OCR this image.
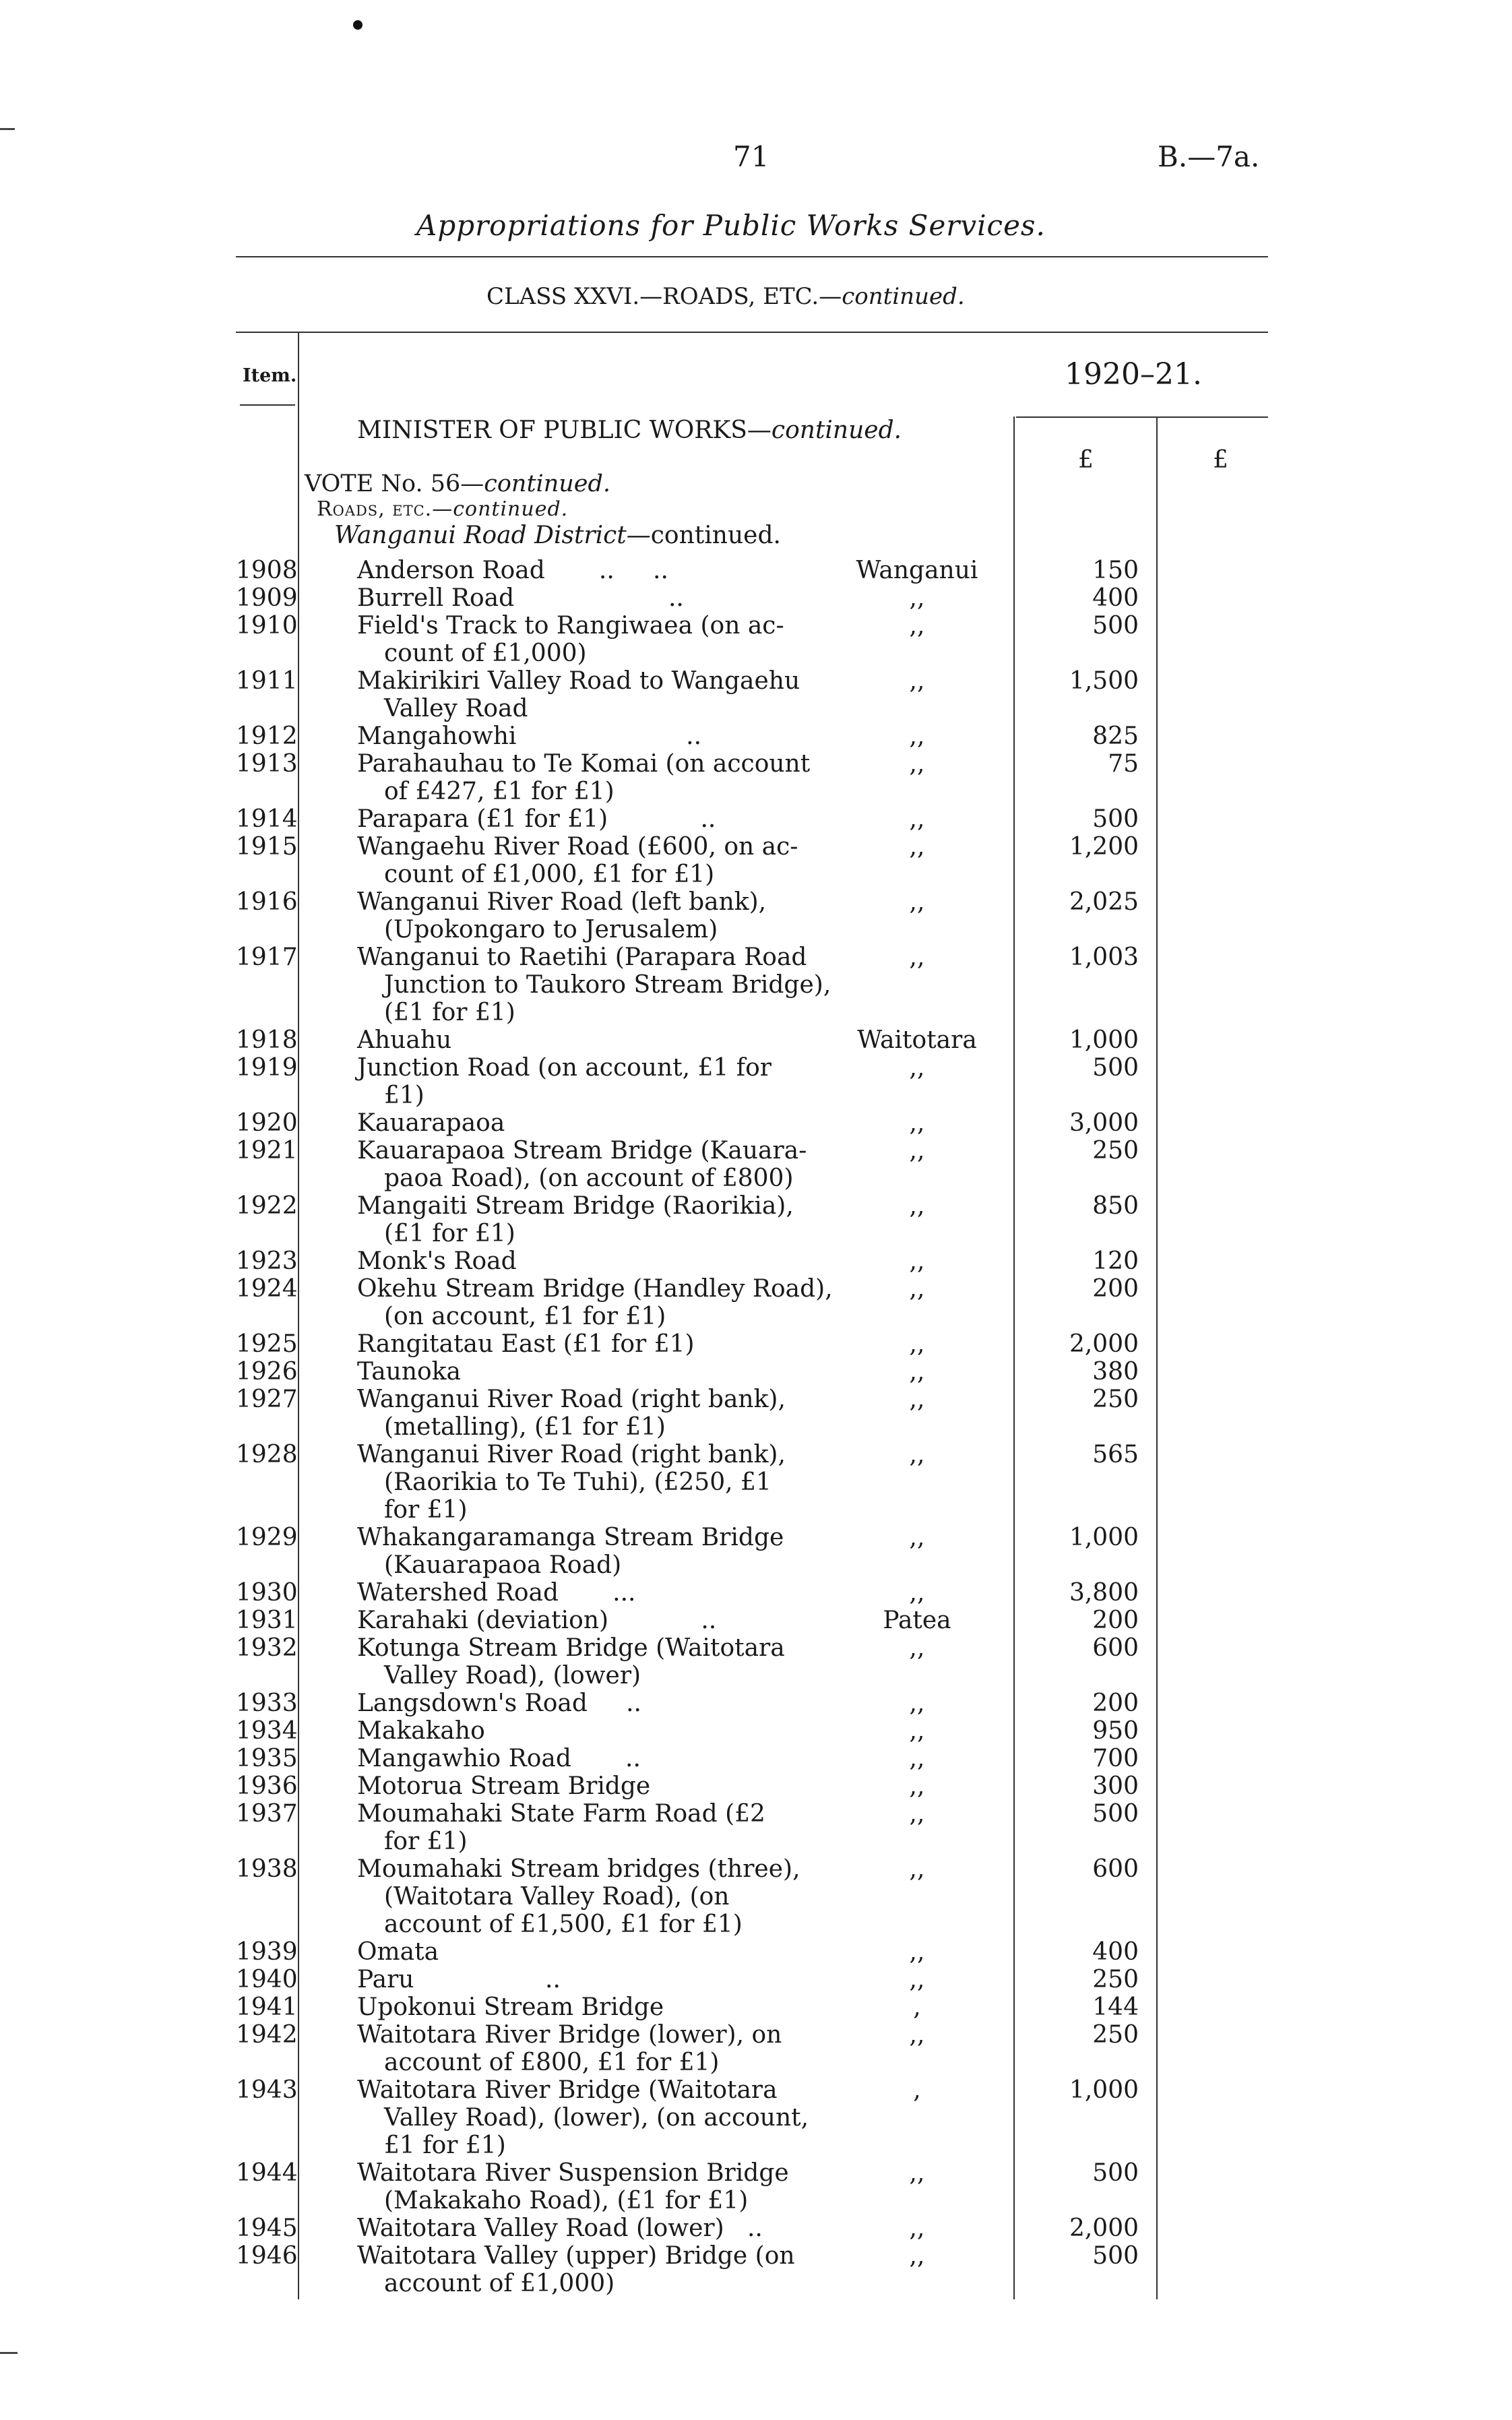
71	B.—7a.
Appropriations for Public Works Services.
CLASS XXVI.—ROADS, ETC.—continued.
Item.	1920–21.
MINISTER OF PUBLIC WORKS—continued.
£	£
VOTE No. 56—continued.
Roads, etc.—continued.
Wanganui Road District—continued.
1908 Anderson Road       ..     ..	Wanganui	150
1909 Burrell Road                    ..	,,	400
1910 Field's Track to Rangiwaea (on ac-
count of £1,000)
,,	500
1911 Makirikiri Valley Road to Wangaehu
Valley Road
,,	1,500
1912 Mangahowhi                      ..	,,	825
1913 Parahauhau to Te Komai (on account
of £427, £1 for £1)
,,	75
1914 Parapara (£1 for £1)            ..	,,	500
1915 Wangaehu River Road (£600, on ac-
count of £1,000, £1 for £1)
,,	1,200
1916 Wanganui River Road (left bank),
(Upokongaro to Jerusalem)
,,	2,025
1917 Wanganui to Raetihi (Parapara Road
Junction to Taukoro Stream Bridge),
(£1 for £1)
,,	1,003
1918 Ahuahu	Waitotara	1,000
1919 Junction Road (on account, £1 for
£1)
,,	500
1920 Kauarapaoa	,,	3,000
1921 Kauarapaoa Stream Bridge (Kauara-
paoa Road), (on account of £800)
,,	250
1922 Mangaiti Stream Bridge (Raorikia),
(£1 for £1)
,,	850
1923 Monk's Road	,,	120
1924 Okehu Stream Bridge (Handley Road),
(on account, £1 for £1)
,,	200
1925 Rangitatau East (£1 for £1)	,,	2,000
1926 Taunoka	,,	380
1927 Wanganui River Road (right bank),
(metalling), (£1 for £1)
,,	250
1928 Wanganui River Road (right bank),
(Raorikia to Te Tuhi), (£250, £1
for £1)
,,	565
1929 Whakangaramanga Stream Bridge
(Kauarapaoa Road)
,,	1,000
1930 Watershed Road       ...	,,	3,800
1931 Karahaki (deviation)            ..	Patea	200
1932 Kotunga Stream Bridge (Waitotara
Valley Road), (lower)
,,	600
1933 Langsdown's Road     ..	,,	200
1934 Makakaho	,,	950
1935 Mangawhio Road       ..	,,	700
1936 Motorua Stream Bridge	,,	300
1937 Moumahaki State Farm Road (£2
for £1)
,,	500
1938 Moumahaki Stream bridges (three),
(Waitotara Valley Road), (on
account of £1,500, £1 for £1)
,,	600
1939 Omata	,,	400
1940 Paru                 ..	,,	250
1941 Upokonui Stream Bridge	,	144
1942 Waitotara River Bridge (lower), on
account of £800, £1 for £1)
,,	250
1943 Waitotara River Bridge (Waitotara
Valley Road), (lower), (on account,
£1 for £1)
,	1,000
1944 Waitotara River Suspension Bridge
(Makakaho Road), (£1 for £1)
,,	500
1945 Waitotara Valley Road (lower)   ..	,,	2,000
1946 Waitotara Valley (upper) Bridge (on
account of £1,000)
,,	500
